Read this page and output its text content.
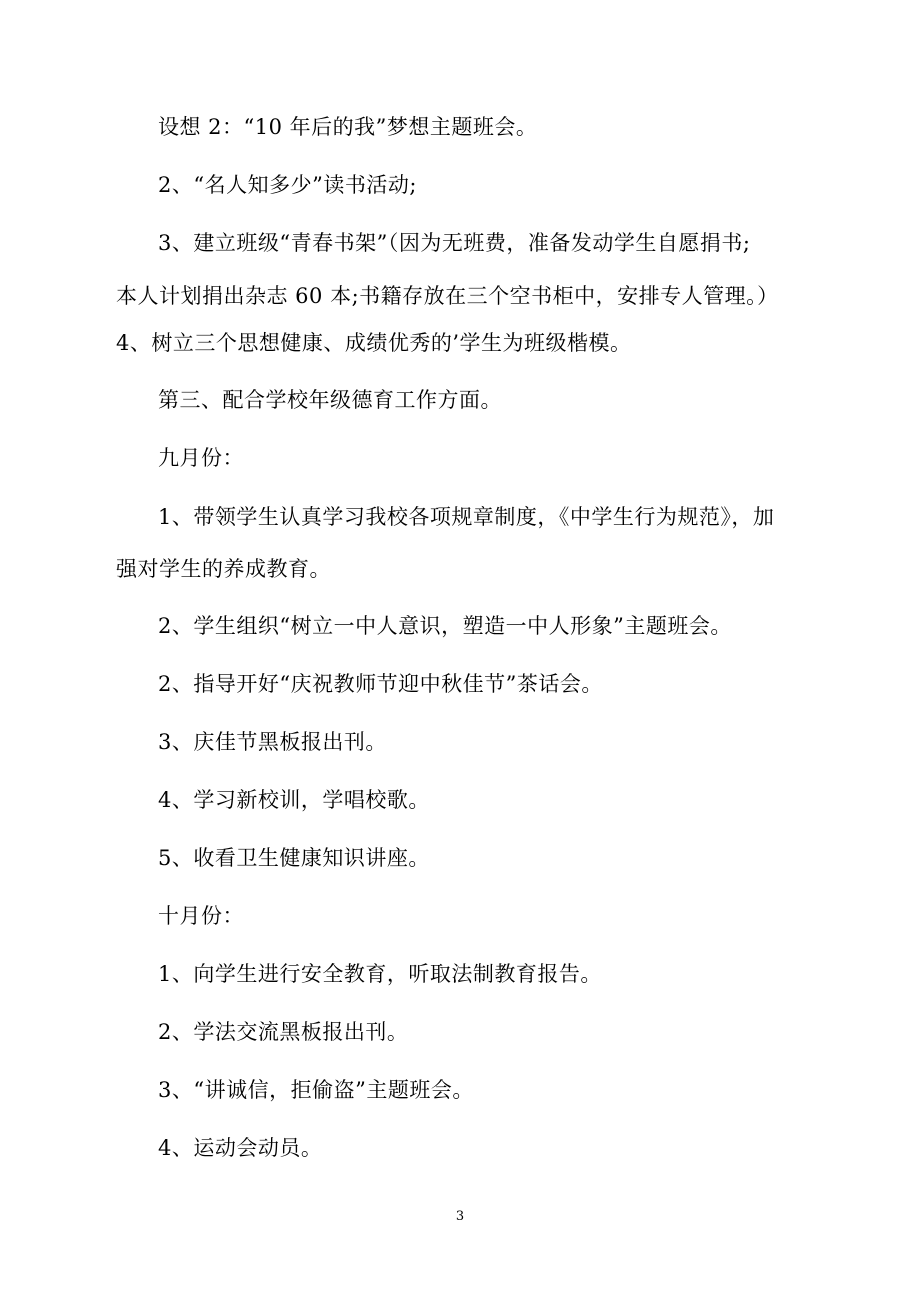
设想 2：“10 年后的我”梦想主题班会。
2、“名人知多少”读书活动;
3、建立班级“青春书架”（因为无班费，准备发动学生自愿捐书;
本人计划捐出杂志 60 本;书籍存放在三个空书柜中，安排专人管理。）
4、树立三个思想健康、成绩优秀的’学生为班级楷模。
第三、配合学校年级德育工作方面。
九月份：
1、带领学生认真学习我校各项规章制度，《中学生行为规范》，加
强对学生的养成教育。
2、学生组织“树立一中人意识，塑造一中人形象”主题班会。
2、指导开好“庆祝教师节迎中秋佳节”茶话会。
3、庆佳节黑板报出刊。
4、学习新校训，学唱校歌。
5、收看卫生健康知识讲座。
十月份：
1、向学生进行安全教育，听取法制教育报告。
2、学法交流黑板报出刊。
3、“讲诚信，拒偷盗”主题班会。
4、运动会动员。
3
